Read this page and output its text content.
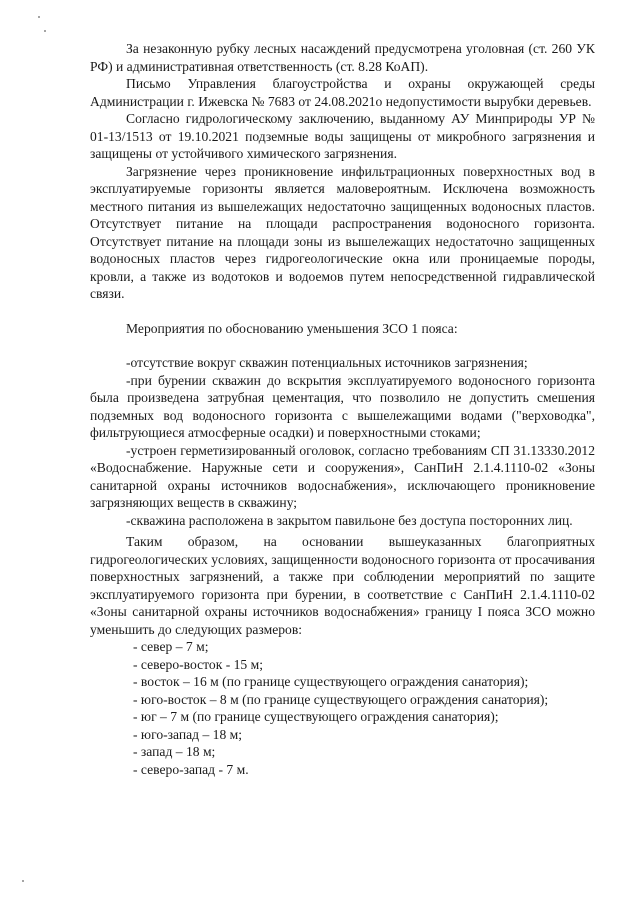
За незаконную рубку лесных насаждений предусмотрена уголовная (ст. 260 УК РФ) и административная ответственность (ст. 8.28 КоАП).

Письмо Управления благоустройства и охраны окружающей среды Администрации г. Ижевска № 7683 от 24.08.2021о недопустимости вырубки деревьев.

Согласно гидрологическому заключению, выданному АУ Минприроды УР № 01-13/1513 от 19.10.2021 подземные воды защищены от микробного загрязнения и защищены от устойчивого химического загрязнения.

Загрязнение через проникновение инфильтрационных поверхностных вод в эксплуатируемые горизонты является маловероятным. Исключена возможность местного питания из вышележащих недостаточно защищенных водоносных пластов. Отсутствует питание на площади распространения водоносного горизонта. Отсутствует питание на площади зоны из вышележащих недостаточно защищенных водоносных пластов через гидрогеологические окна или проницаемые породы, кровли, а также из водотоков и водоемов путем непосредственной гидравлической связи.

Мероприятия по обоснованию уменьшения ЗСО 1 пояса:

-отсутствие вокруг скважин потенциальных источников загрязнения;

-при бурении скважин до вскрытия эксплуатируемого водоносного горизонта была произведена затрубная цементация, что позволило не допустить смешения подземных вод водоносного горизонта с вышележащими водами ("верховодка", фильтрующиеся атмосферные осадки) и поверхностными стоками;

-устроен герметизированный оголовок, согласно требованиям СП 31.13330.2012 «Водоснабжение. Наружные сети и сооружения», СанПиН 2.1.4.1110-02 «Зоны санитарной охраны источников водоснабжения», исключающего проникновение загрязняющих веществ в скважину;

-скважина расположена в закрытом павильоне без доступа посторонних лиц.

Таким образом, на основании вышеуказанных благоприятных гидрогеологических условиях, защищенности водоносного горизонта от просачивания поверхностных загрязнений, а также при соблюдении мероприятий по защите эксплуатируемого горизонта при бурении, в соответствие с СанПиН 2.1.4.1110-02 «Зоны санитарной охраны источников водоснабжения» границу I пояса ЗСО можно уменьшить до следующих размеров:

- север – 7 м;
- северо-восток - 15 м;
- восток – 16 м (по границе существующего ограждения санатория);
- юго-восток – 8 м (по границе существующего ограждения санатория);
- юг – 7 м (по границе существующего ограждения санатория);
- юго-запад – 18 м;
- запад – 18 м;
- северо-запад - 7 м.
